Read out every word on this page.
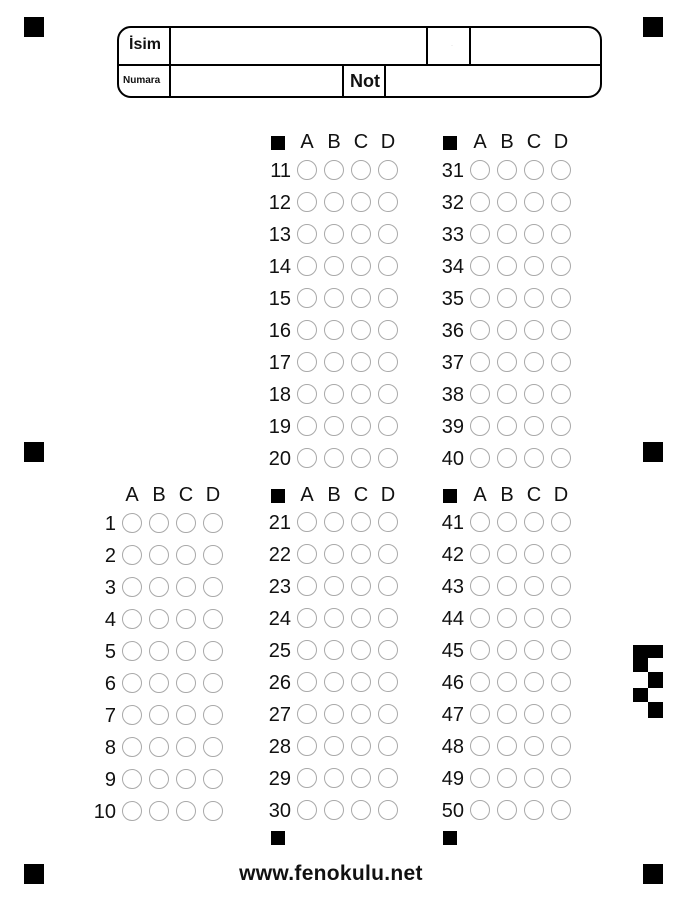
İsim
Numara	Not
·
A B C D
1
2
3
4
5
6
7
8
9
10
A B C D
11
12
13
14
15
16
17
18
19
20
A B C D
21
22
23
24
25
26
27
28
29
30
A B C D
31
32
33
34
35
36
37
38
39
40
A B C D
41
42
43
44
45
46
47
48
49
50
www.fenokulu.net
